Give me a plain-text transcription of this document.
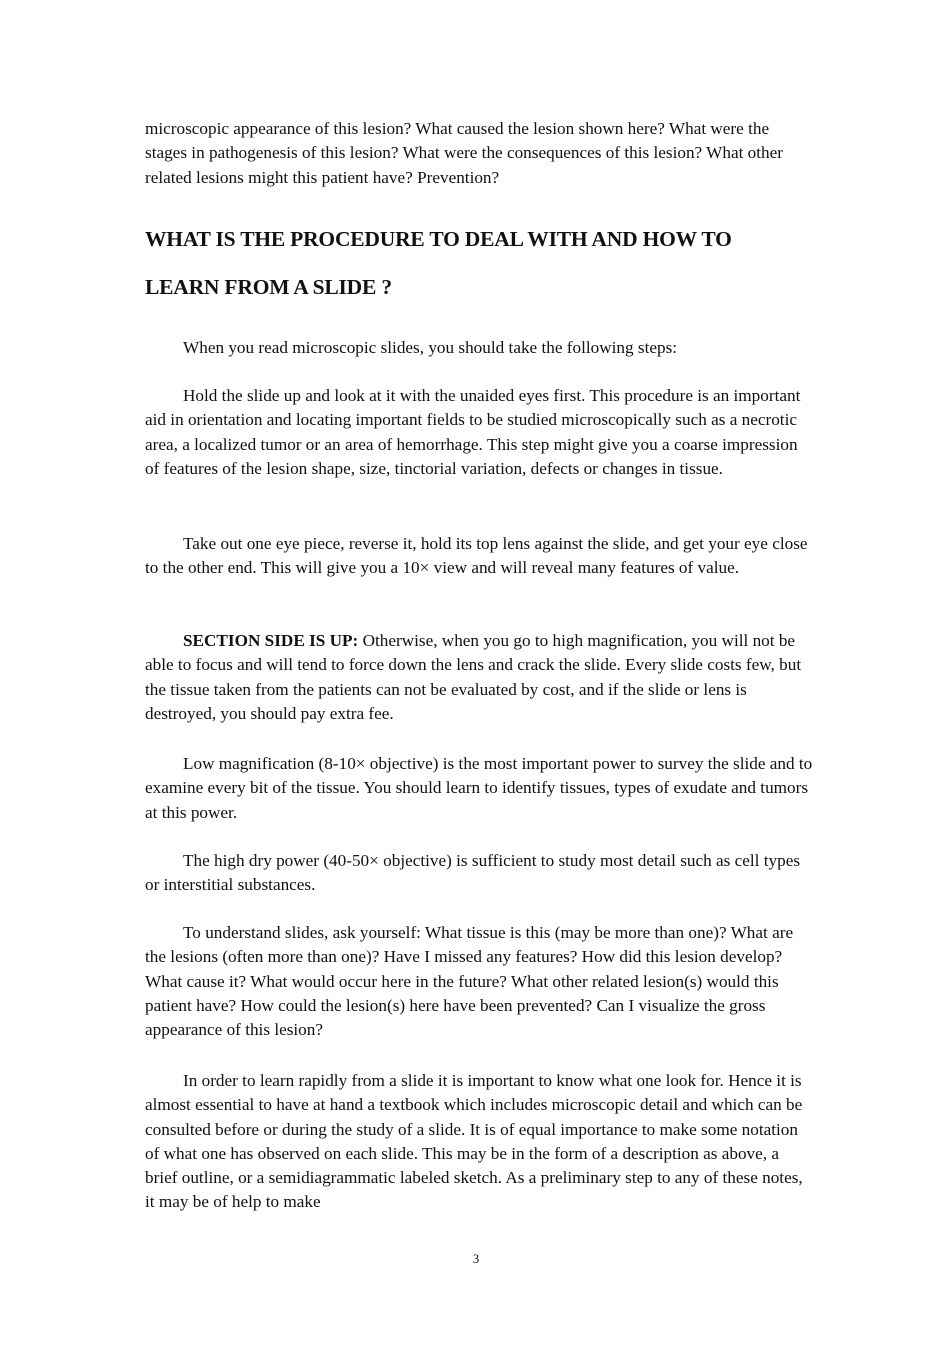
microscopic appearance of this lesion? What caused the lesion shown here? What were the stages in pathogenesis of this lesion? What were the consequences of this lesion? What other related lesions might this patient have? Prevention?

WHAT IS THE PROCEDURE TO DEAL WITH AND HOW TO
LEARN FROM A SLIDE ?

When you read microscopic slides, you should take the following steps:

Hold the slide up and look at it with the unaided eyes first. This procedure is an important aid in orientation and locating important fields to be studied microscopically such as a necrotic area, a localized tumor or an area of hemorrhage. This step might give you a coarse impression of features of the lesion shape, size, tinctorial variation, defects or changes in tissue.

Take out one eye piece, reverse it, hold its top lens against the slide, and get your eye close to the other end. This will give you a 10× view and will reveal many features of value.

SECTION SIDE IS UP: Otherwise, when you go to high magnification, you will not be able to focus and will tend to force down the lens and crack the slide. Every slide costs few, but the tissue taken from the patients can not be evaluated by cost, and if the slide or lens is destroyed, you should pay extra fee.

Low magnification (8-10× objective) is the most important power to survey the slide and to examine every bit of the tissue. You should learn to identify tissues, types of exudate and tumors at this power.

The high dry power (40-50× objective) is sufficient to study most detail such as cell types or interstitial substances.

To understand slides, ask yourself: What tissue is this (may be more than one)? What are the lesions (often more than one)? Have I missed any features? How did this lesion develop? What cause it? What would occur here in the future? What other related lesion(s) would this patient have? How could the lesion(s) here have been prevented? Can I visualize the gross appearance of this lesion?

In order to learn rapidly from a slide it is important to know what one look for. Hence it is almost essential to have at hand a textbook which includes microscopic detail and which can be consulted before or during the study of a slide. It is of equal importance to make some notation of what one has observed on each slide. This may be in the form of a description as above, a brief outline, or a semidiagrammatic labeled sketch. As a preliminary step to any of these notes, it may be of help to make

3
